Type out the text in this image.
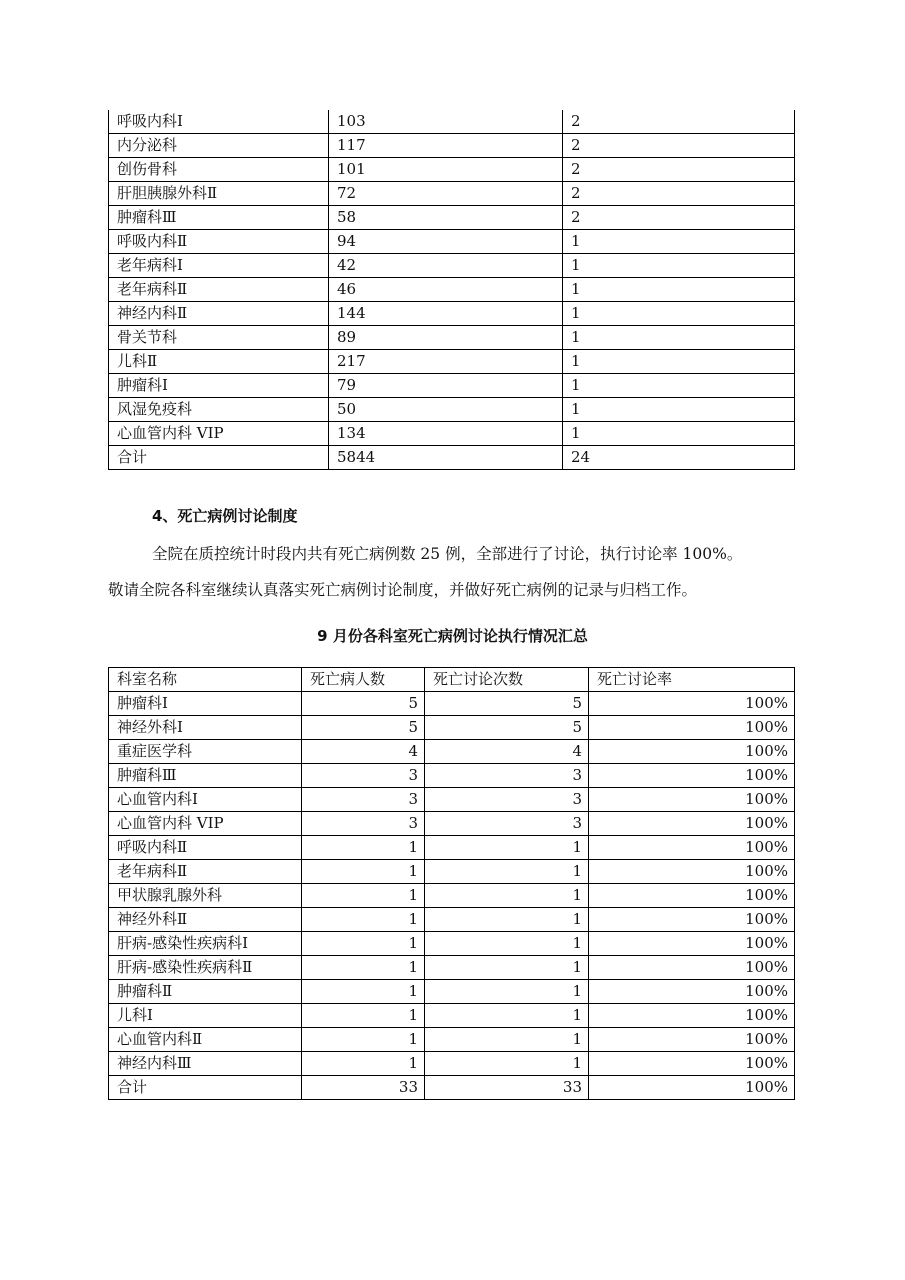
呼吸内科Ⅰ	103	2
内分泌科	117	2
创伤骨科	101	2
肝胆胰腺外科Ⅱ	72	2
肿瘤科Ⅲ	58	2
呼吸内科Ⅱ	94	1
老年病科Ⅰ	42	1
老年病科Ⅱ	46	1
神经内科Ⅱ	144	1
骨关节科	89	1
儿科Ⅱ	217	1
肿瘤科Ⅰ	79	1
风湿免疫科	50	1
心血管内科 VIP	134	1
合计	5844	24
4、死亡病例讨论制度
全院在质控统计时段内共有死亡病例数 25 例，全部进行了讨论，执行讨论率 100%。
敬请全院各科室继续认真落实死亡病例讨论制度，并做好死亡病例的记录与归档工作。
9 月份各科室死亡病例讨论执行情况汇总
科室名称	死亡病人数	死亡讨论次数	死亡讨论率
肿瘤科Ⅰ	5	5	100%
神经外科Ⅰ	5	5	100%
重症医学科	4	4	100%
肿瘤科Ⅲ	3	3	100%
心血管内科Ⅰ	3	3	100%
心血管内科 VIP	3	3	100%
呼吸内科Ⅱ	1	1	100%
老年病科Ⅱ	1	1	100%
甲状腺乳腺外科	1	1	100%
神经外科Ⅱ	1	1	100%
肝病-感染性疾病科Ⅰ	1	1	100%
肝病-感染性疾病科Ⅱ	1	1	100%
肿瘤科Ⅱ	1	1	100%
儿科Ⅰ	1	1	100%
心血管内科Ⅱ	1	1	100%
神经内科Ⅲ	1	1	100%
合计	33	33	100%
